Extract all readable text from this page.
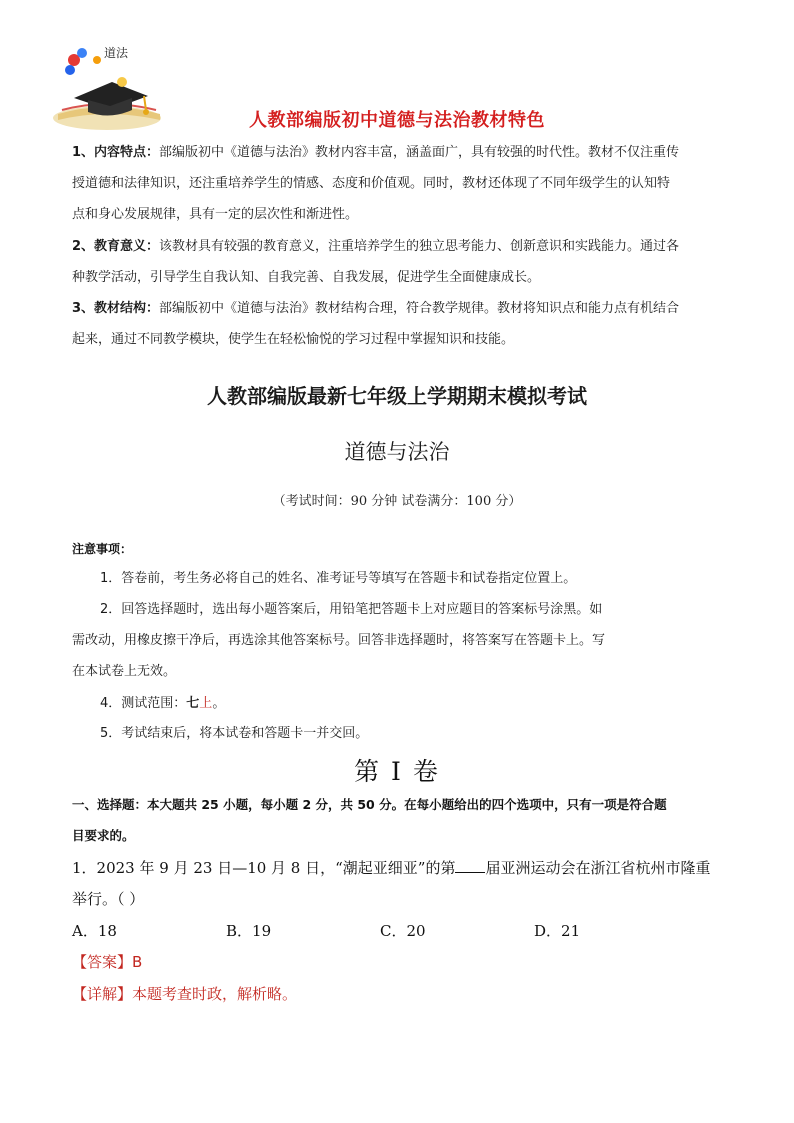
道法
人教部编版初中道德与法治教材特色
1、内容特点：部编版初中《道德与法治》教材内容丰富，涵盖面广，具有较强的时代性。教材不仅注重传
授道德和法律知识，还注重培养学生的情感、态度和价值观。同时，教材还体现了不同年级学生的认知特
点和身心发展规律，具有一定的层次性和渐进性。
2、教育意义：该教材具有较强的教育意义，注重培养学生的独立思考能力、创新意识和实践能力。通过各
种教学活动，引导学生自我认知、自我完善、自我发展，促进学生全面健康成长。
3、教材结构：部编版初中《道德与法治》教材结构合理，符合教学规律。教材将知识点和能力点有机结合
起来，通过不同教学模块，使学生在轻松愉悦的学习过程中掌握知识和技能。
人教部编版最新七年级上学期期末模拟考试
道德与法治
（考试时间：90 分钟 试卷满分：100 分）
注意事项：
1．答卷前，考生务必将自己的姓名、准考证号等填写在答题卡和试卷指定位置上。
2．回答选择题时，选出每小题答案后，用铅笔把答题卡上对应题目的答案标号涂黑。如
需改动，用橡皮擦干净后，再选涂其他答案标号。回答非选择题时，将答案写在答题卡上。写
在本试卷上无效。
4．测试范围：七上。
5．考试结束后，将本试卷和答题卡一并交回。
第 I 卷
一、选择题：本大题共 25 小题，每小题 2 分，共 50 分。在每小题给出的四个选项中，只有一项是符合题
目要求的。
1．2023 年 9 月 23 日—10 月 8 日，“潮起亚细亚”的第 届亚洲运动会在浙江省杭州市隆重
举行。（ ）
A．18	B．19	C．20	D．21
【答案】B
【详解】本题考查时政，解析略。
